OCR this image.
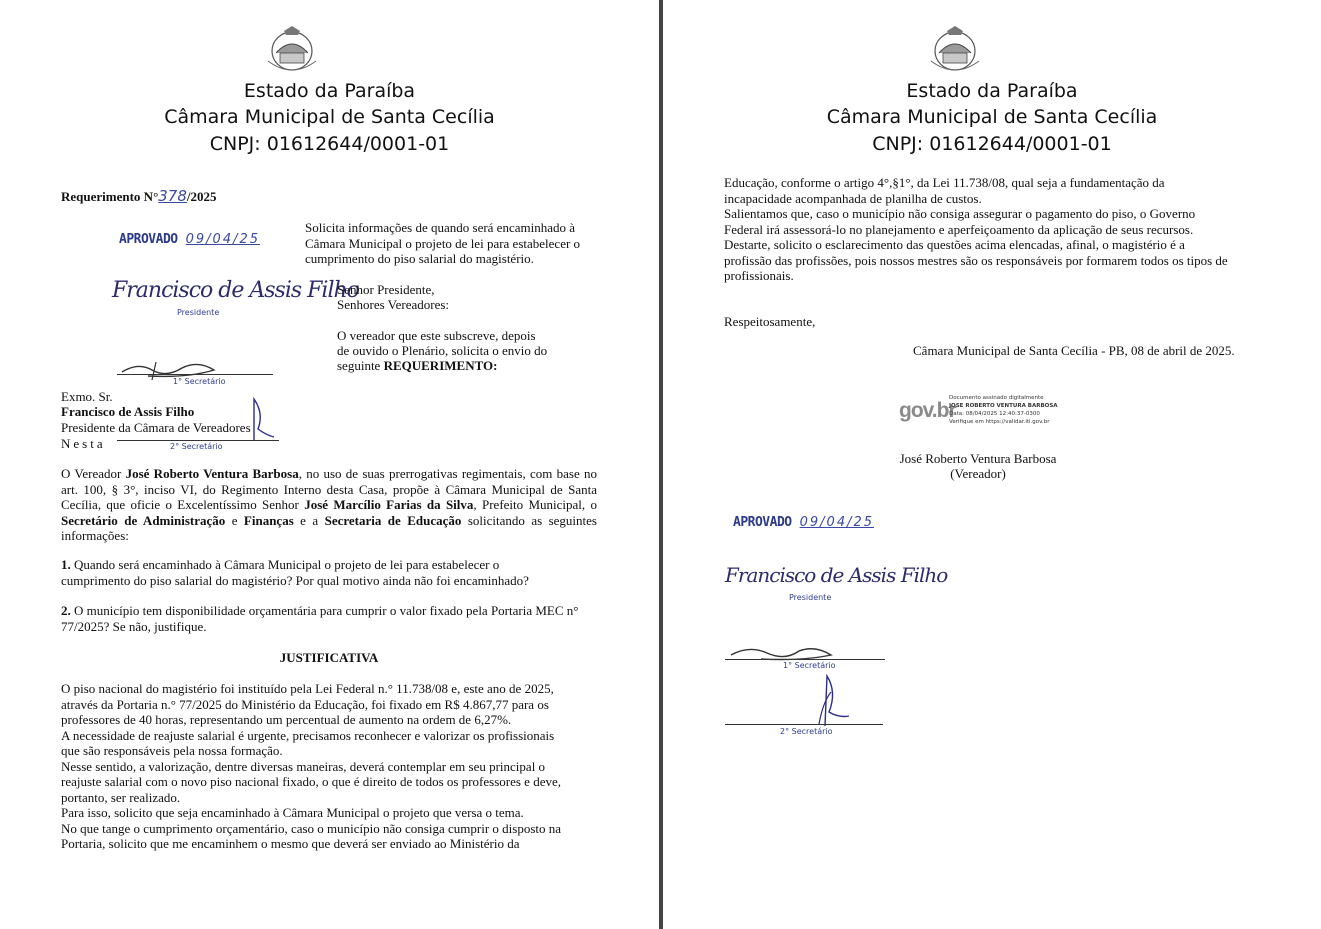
Estado da Paraíba
Câmara Municipal de Santa Cecília
CNPJ: 01612644/0001-01
Requerimento N°378/2025
APROVADO 09/04/25
Solicita informações de quando será encaminhado à Câmara Municipal o projeto de lei para estabelecer o cumprimento do piso salarial do magistério.
Francisco de Assis Filho
Presidente
Senhor Presidente,
Senhores Vereadores:
O vereador que este subscreve, depois
de ouvido o Plenário, solicita o envio do
seguinte REQUERIMENTO:
1° Secretário
Exmo. Sr.
Francisco de Assis Filho
Presidente da Câmara de Vereadores
Nesta	2° Secretário
O Vereador José Roberto Ventura Barbosa, no uso de suas prerrogativas regimentais, com base no art. 100, § 3°, inciso VI, do Regimento Interno desta Casa, propõe à Câmara Municipal de Santa Cecília, que oficie o Excelentíssimo Senhor José Marcílio Farias da Silva, Prefeito Municipal, o Secretário de Administração e Finanças e a Secretaria de Educação solicitando as seguintes informações:
1. Quando será encaminhado à Câmara Municipal o projeto de lei para estabelecer o cumprimento do piso salarial do magistério? Por qual motivo ainda não foi encaminhado?
2. O município tem disponibilidade orçamentária para cumprir o valor fixado pela Portaria MEC n° 77/2025? Se não, justifique.
JUSTIFICATIVA

O piso nacional do magistério foi instituído pela Lei Federal n.° 11.738/08 e, este ano de 2025, através da Portaria n.° 77/2025 do Ministério da Educação, foi fixado em R$ 4.867,77 para os professores de 40 horas, representando um percentual de aumento na ordem de 6,27%.

A necessidade de reajuste salarial é urgente, precisamos reconhecer e valorizar os profissionais que são responsáveis pela nossa formação.

Nesse sentido, a valorização, dentre diversas maneiras, deverá contemplar em seu principal o reajuste salarial com o novo piso nacional fixado, o que é direito de todos os professores e deve, portanto, ser realizado.

Para isso, solicito que seja encaminhado à Câmara Municipal o projeto que versa o tema.

No que tange o cumprimento orçamentário, caso o município não consiga cumprir o disposto na Portaria, solicito que me encaminhem o mesmo que deverá ser enviado ao Ministério da

Estado da Paraíba
Câmara Municipal de Santa Cecília
CNPJ: 01612644/0001-01

Educação, conforme o artigo 4°,§1°, da Lei 11.738/08, qual seja a fundamentação da incapacidade acompanhada de planilha de custos.

Salientamos que, caso o município não consiga assegurar o pagamento do piso, o Governo Federal irá assessorá-lo no planejamento e aperfeiçoamento da aplicação de seus recursos.

Destarte, solicito o esclarecimento das questões acima elencadas, afinal, o magistério é a profissão das profissões, pois nossos mestres são os responsáveis por formarem todos os tipos de profissionais.

Respeitosamente,
Câmara Municipal de Santa Cecília - PB, 08 de abril de 2025.
gov.br
Documento assinado digitalmente
JOSE ROBERTO VENTURA BARBOSA
Data: 08/04/2025 12:40:37-0300
Verifique em https://validar.iti.gov.br
José Roberto Ventura Barbosa
(Vereador)
APROVADO 09/04/25
Francisco de Assis Filho
Presidente
1° Secretário
2° Secretário
